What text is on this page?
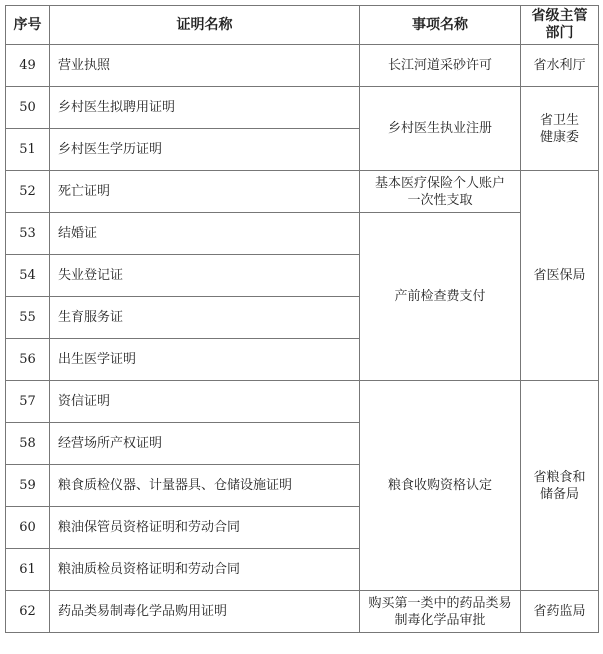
序号	证明名称	事项名称	省级主管
部门
49	营业执照	长江河道采砂许可	省水利厅
50	乡村医生拟聘用证明	乡村医生执业注册	省卫生
健康委
51	乡村医生学历证明		
52	死亡证明	基本医疗保险个人账户
一次性支取	省医保局
53	结婚证	产前检查费支付	
54	失业登记证		
55	生育服务证		
56	出生医学证明		
57	资信证明	粮食收购资格认定	省粮食和
储备局
58	经营场所产权证明		
59	粮食质检仪器、计量器具、仓储设施证明		
60	粮油保管员资格证明和劳动合同		
61	粮油质检员资格证明和劳动合同		
62	药品类易制毒化学品购用证明	购买第一类中的药品类易
制毒化学品审批	省药监局
